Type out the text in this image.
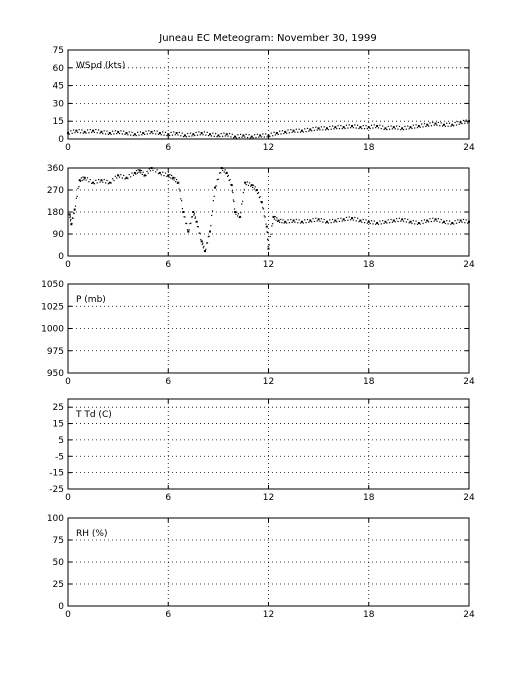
Juneau EC Meteogram: November 30, 1999
0	6	12	18	24
0
15
30
45
60
75
WSpd (kts)
0	6	12	18	24
0
90
180
270
360
0	6	12	18	24
950
975
1000
1025
1050
P (mb)
0	6	12	18	24
-25
-15
-5
5
15
25
T Td (C)
0	6	12	18	24
0
25
50
75
100
RH (%)
